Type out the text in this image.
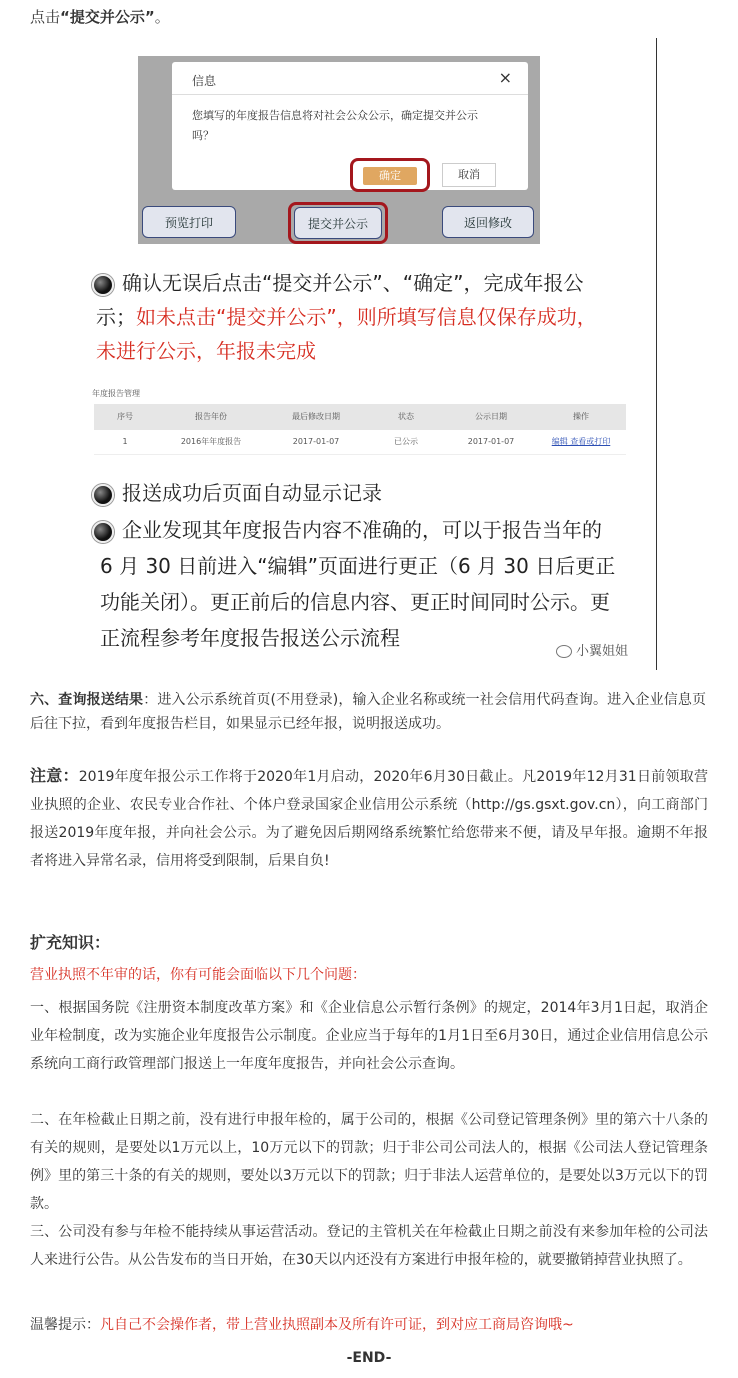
点击“提交并公示”。
信息	×
您填写的年度报告信息将对社会公众公示，确定提交并公示吗？
确定	取消
预览打印	提交并公示	返回修改
确认无误后点击“提交并公示”、“确定”，完成年报公
示；如未点击“提交并公示”，则所填写信息仅保存成功，
未进行公示，年报未完成
年度报告管理
序号	报告年份	最后修改日期	状态	公示日期	操作
1	2016年年度报告	2017-01-07	已公示	2017-01-07	编辑 查看或打印
报送成功后页面自动显示记录
企业发现其年度报告内容不准确的，可以于报告当年的
6 月 30 日前进入“编辑”页面进行更正（6 月 30 日后更正
功能关闭）。更正前后的信息内容、更正时间同时公示。更
正流程参考年度报告报送公示流程
小翼姐姐
六、查询报送结果：进入公示系统首页(不用登录)，输入企业名称或统一社会信用代码查询。进入企业信息页后往下拉，看到年度报告栏目，如果显示已经年报，说明报送成功。
注意：2019年度年报公示工作将于2020年1月启动，2020年6月30日截止。凡2019年12月31日前领取营业执照的企业、农民专业合作社、个体户登录国家企业信用公示系统（http://gs.gsxt.gov.cn），向工商部门报送2019年度年报，并向社会公示。为了避免因后期网络系统繁忙给您带来不便，请及早年报。逾期不年报者将进入异常名录，信用将受到限制，后果自负!
扩充知识：
营业执照不年审的话，你有可能会面临以下几个问题：
一、根据国务院《注册资本制度改革方案》和《企业信息公示暂行条例》的规定，2014年3月1日起，取消企业年检制度，改为实施企业年度报告公示制度。企业应当于每年的1月1日至6月30日，通过企业信用信息公示系统向工商行政管理部门报送上一年度年度报告，并向社会公示查询。
二、在年检截止日期之前，没有进行申报年检的，属于公司的，根据《公司登记管理条例》里的第六十八条的有关的规则，是要处以1万元以上，10万元以下的罚款；归于非公司公司法人的，根据《公司法人登记管理条例》里的第三十条的有关的规则，要处以3万元以下的罚款；归于非法人运营单位的，是要处以3万元以下的罚款。
三、公司没有参与年检不能持续从事运营活动。登记的主管机关在年检截止日期之前没有来参加年检的公司法人来进行公告。从公告发布的当日开始，在30天以内还没有方案进行申报年检的，就要撤销掉营业执照了。
温馨提示：凡自己不会操作者，带上营业执照副本及所有许可证，到对应工商局咨询哦~
-END-
